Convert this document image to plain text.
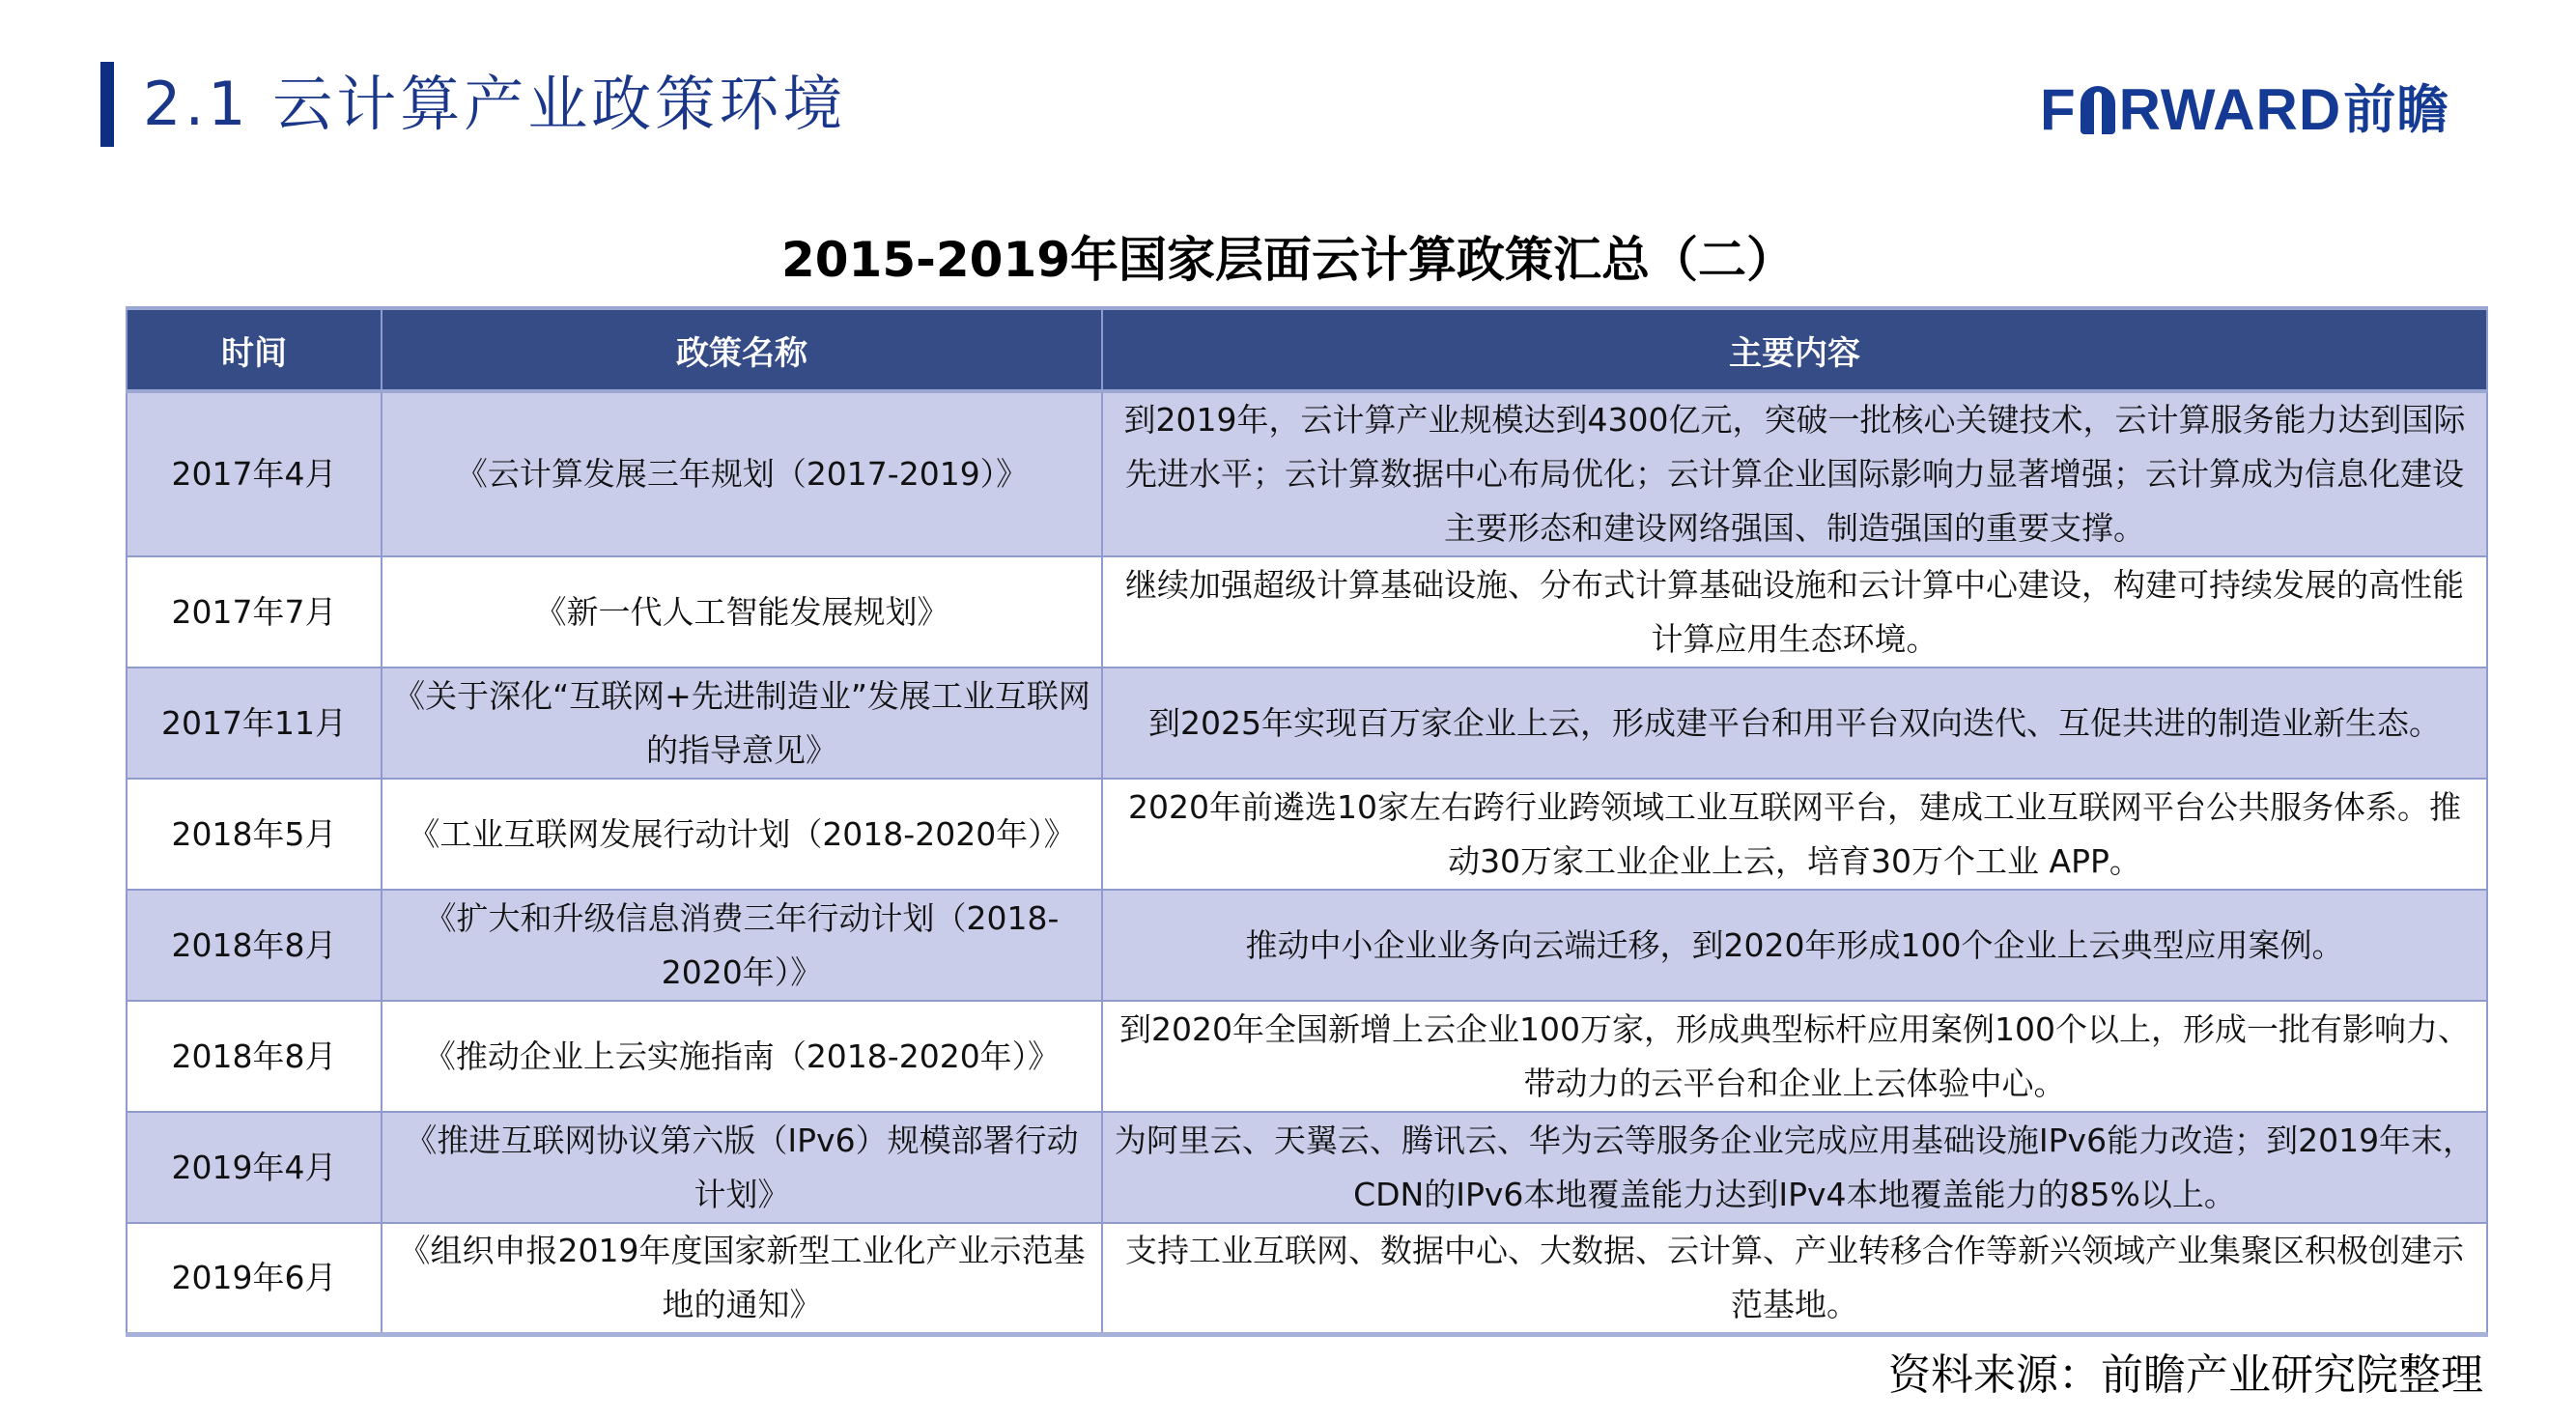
2.1 云计算产业政策环境	F RWARD 前瞻
2015-2019年国家层面云计算政策汇总（二）
时间	政策名称	主要内容
2017年4月	《云计算发展三年规划（2017-2019）》	到2019年，云计算产业规模达到4300亿元，突破一批核心关键技术，云计算服务能力达到国际先进水平；云计算数据中心布局优化；云计算企业国际影响力显著增强；云计算成为信息化建设主要形态和建设网络强国、制造强国的重要支撑。
2017年7月	《新一代人工智能发展规划》	继续加强超级计算基础设施、分布式计算基础设施和云计算中心建设，构建可持续发展的高性能计算应用生态环境。
2017年11月	《关于深化“互联网+先进制造业”发展工业互联网的指导意见》	到2025年实现百万家企业上云，形成建平台和用平台双向迭代、互促共进的制造业新生态。
2018年5月	《工业互联网发展行动计划（2018-2020年）》	2020年前遴选10家左右跨行业跨领域工业互联网平台，建成工业互联网平台公共服务体系。推动30万家工业企业上云，培育30万个工业 APP。
2018年8月	《扩大和升级信息消费三年行动计划（2018-2020年）》	推动中小企业业务向云端迁移，到2020年形成100个企业上云典型应用案例。
2018年8月	《推动企业上云实施指南（2018-2020年）》	到2020年全国新增上云企业100万家，形成典型标杆应用案例100个以上，形成一批有影响力、带动力的云平台和企业上云体验中心。
2019年4月	《推进互联网协议第六版（IPv6）规模部署行动计划》	为阿里云、天翼云、腾讯云、华为云等服务企业完成应用基础设施IPv6能力改造；到2019年末，CDN的IPv6本地覆盖能力达到IPv4本地覆盖能力的85%以上。
2019年6月	《组织申报2019年度国家新型工业化产业示范基地的通知》	支持工业互联网、数据中心、大数据、云计算、产业转移合作等新兴领域产业集聚区积极创建示范基地。
资料来源：前瞻产业研究院整理
